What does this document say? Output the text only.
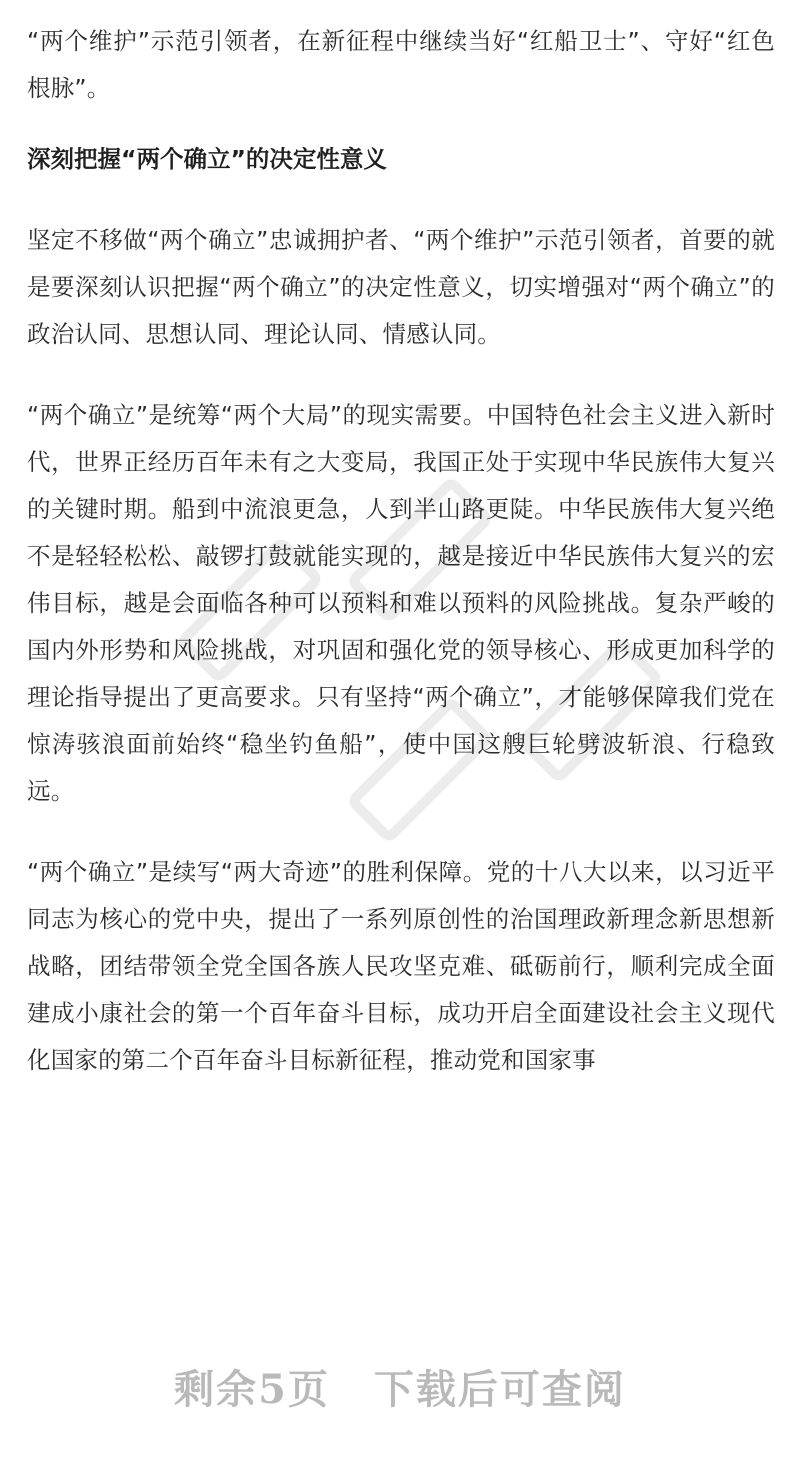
“两个维护”示范引领者，在新征程中继续当好“红船卫士”、守好“红色根脉”。

深刻把握“两个确立”的决定性意义

坚定不移做“两个确立”忠诚拥护者、“两个维护”示范引领者，首要的就是要深刻认识把握“两个确立”的决定性意义，切实增强对“两个确立”的政治认同、思想认同、理论认同、情感认同。

“两个确立”是统筹“两个大局”的现实需要。中国特色社会主义进入新时代，世界正经历百年未有之大变局，我国正处于实现中华民族伟大复兴的关键时期。船到中流浪更急，人到半山路更陡。中华民族伟大复兴绝不是轻轻松松、敲锣打鼓就能实现的，越是接近中华民族伟大复兴的宏伟目标，越是会面临各种可以预料和难以预料的风险挑战。复杂严峻的国内外形势和风险挑战，对巩固和强化党的领导核心、形成更加科学的理论指导提出了更高要求。只有坚持“两个确立”，才能够保障我们党在惊涛骇浪面前始终“稳坐钓鱼船”，使中国这艘巨轮劈波斩浪、行稳致远。

“两个确立”是续写“两大奇迹”的胜利保障。党的十八大以来，以习近平同志为核心的党中央，提出了一系列原创性的治国理政新理念新思想新战略，团结带领全党全国各族人民攻坚克难、砥砺前行，顺利完成全面建成小康社会的第一个百年奋斗目标，成功开启全面建设社会主义现代化国家的第二个百年奋斗目标新征程，推动党和国家事

剩余5页 下载后可查阅
